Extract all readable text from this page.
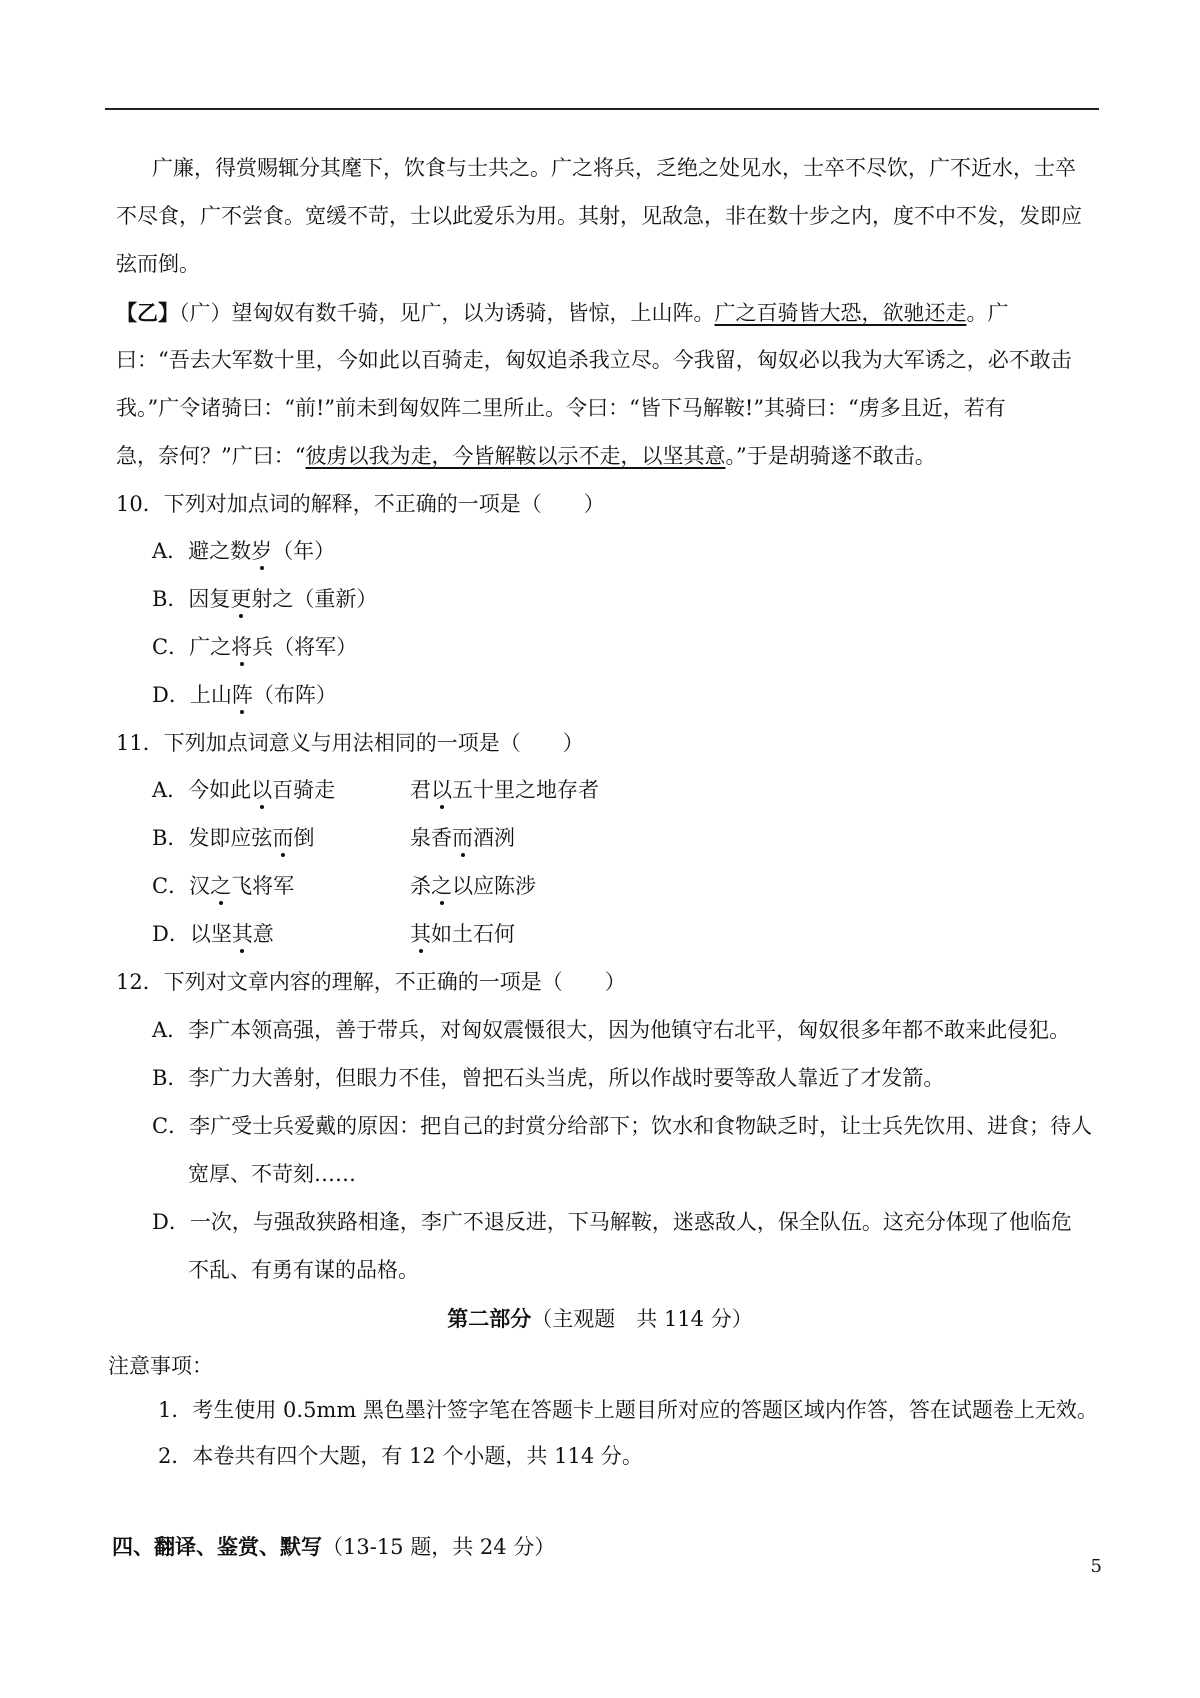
广廉，得赏赐辄分其麾下，饮食与士共之。广之将兵，乏绝之处见水，士卒不尽饮，广不近水，士卒
不尽食，广不尝食。宽缓不苛，士以此爱乐为用。其射，见敌急，非在数十步之内，度不中不发，发即应
弦而倒。
【乙】（广）望匈奴有数千骑，见广，以为诱骑，皆惊，上山阵。广之百骑皆大恐，欲驰还走。广
曰：“吾去大军数十里，今如此以百骑走，匈奴追杀我立尽。今我留，匈奴必以我为大军诱之，必不敢击
我。”广令诸骑曰：“前!”前未到匈奴阵二里所止。令曰：“皆下马解鞍!”其骑曰：“虏多且近，若有
急，奈何？”广曰：“彼虏以我为走，今皆解鞍以示不走，以坚其意。”于是胡骑遂不敢击。
10．下列对加点词的解释，不正确的一项是（　　）
A．避之数岁（年）
B．因复更射之（重新）
C．广之将兵（将军）
D．上山阵（布阵）
11．下列加点词意义与用法相同的一项是（　　）
A．今如此以百骑走	君以五十里之地存者
B．发即应弦而倒	泉香而酒洌
C．汉之飞将军	杀之以应陈涉
D．以坚其意	其如土石何
12．下列对文章内容的理解，不正确的一项是（　　）
A．李广本领高强，善于带兵，对匈奴震慑很大，因为他镇守右北平，匈奴很多年都不敢来此侵犯。
B．李广力大善射，但眼力不佳，曾把石头当虎，所以作战时要等敌人靠近了才发箭。
C．李广受士兵爱戴的原因：把自己的封赏分给部下；饮水和食物缺乏时，让士兵先饮用、进食；待人
宽厚、不苛刻……
D．一次，与强敌狭路相逢，李广不退反进，下马解鞍，迷惑敌人，保全队伍。这充分体现了他临危
不乱、有勇有谋的品格。
第二部分（主观题　共 114 分）
注意事项：
1．考生使用 0.5mm 黑色墨汁签字笔在答题卡上题目所对应的答题区域内作答，答在试题卷上无效。
2．本卷共有四个大题，有 12 个小题，共 114 分。
四、翻译、鉴赏、默写（13-15 题，共 24 分）
5
